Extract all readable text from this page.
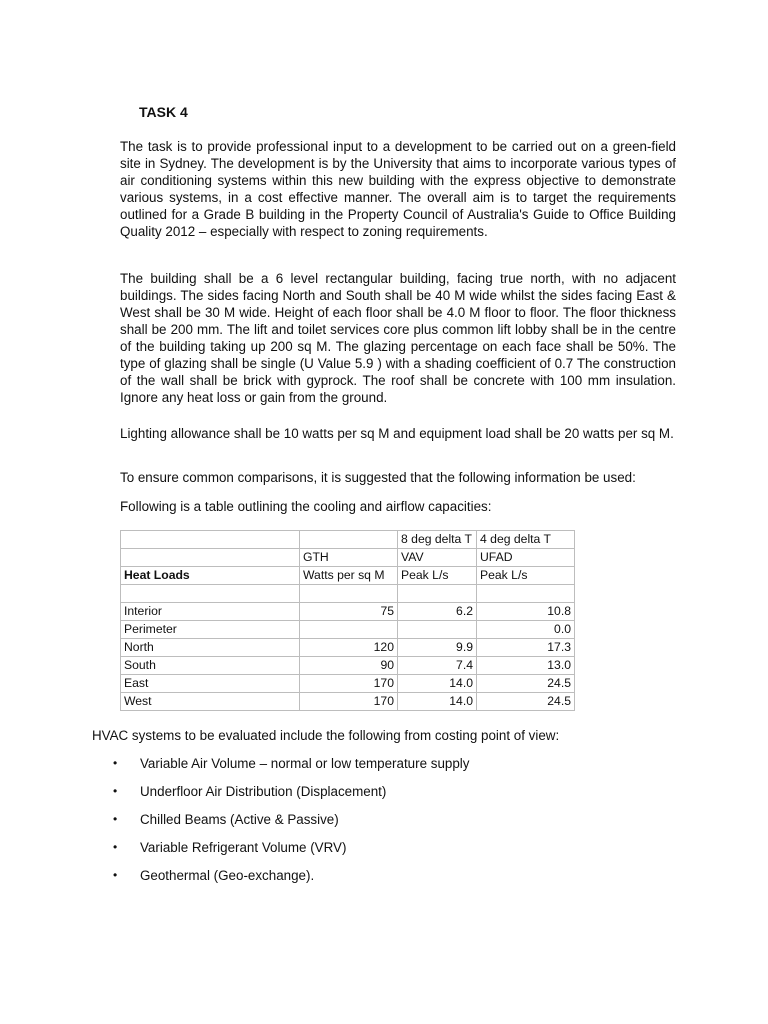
TASK 4

The task is to provide professional input to a development to be carried out on a green-field site in Sydney. The development is by the University that aims to incorporate various types of air conditioning systems within this new building with the express objective to demonstrate various systems, in a cost effective manner. The overall aim is to target the requirements outlined for a Grade B building in the Property Council of Australia's Guide to Office Building Quality 2012 – especially with respect to zoning requirements.

The building shall be a 6 level rectangular building, facing true north, with no adjacent buildings. The sides facing North and South shall be 40 M wide whilst the sides facing East & West shall be 30 M wide. Height of each floor shall be 4.0 M floor to floor. The floor thickness shall be 200 mm. The lift and toilet services core plus common lift lobby shall be in the centre of the building taking up 200 sq M. The glazing percentage on each face shall be 50%. The type of glazing shall be single (U Value 5.9 ) with a shading coefficient of 0.7 The construction of the wall shall be brick with gyprock. The roof shall be concrete with 100 mm insulation. Ignore any heat loss or gain from the ground.

Lighting allowance shall be 10 watts per sq M and equipment load shall be 20 watts per sq M.

To ensure common comparisons, it is suggested that the following information be used:

Following is a table outlining the cooling and airflow capacities:

		8 deg delta T	4 deg delta T
	GTH	VAV	UFAD
Heat Loads	Watts per sq M	Peak L/s	Peak L/s

Interior	75	6.2	10.8
Perimeter			0.0
North	120	9.9	17.3
South	90	7.4	13.0
East	170	14.0	24.5
West	170	14.0	24.5

HVAC systems to be evaluated include the following from costing point of view:

•	Variable Air Volume – normal or low temperature supply
•	Underfloor Air Distribution (Displacement)
•	Chilled Beams (Active & Passive)
•	Variable Refrigerant Volume (VRV)
•	Geothermal (Geo-exchange).
